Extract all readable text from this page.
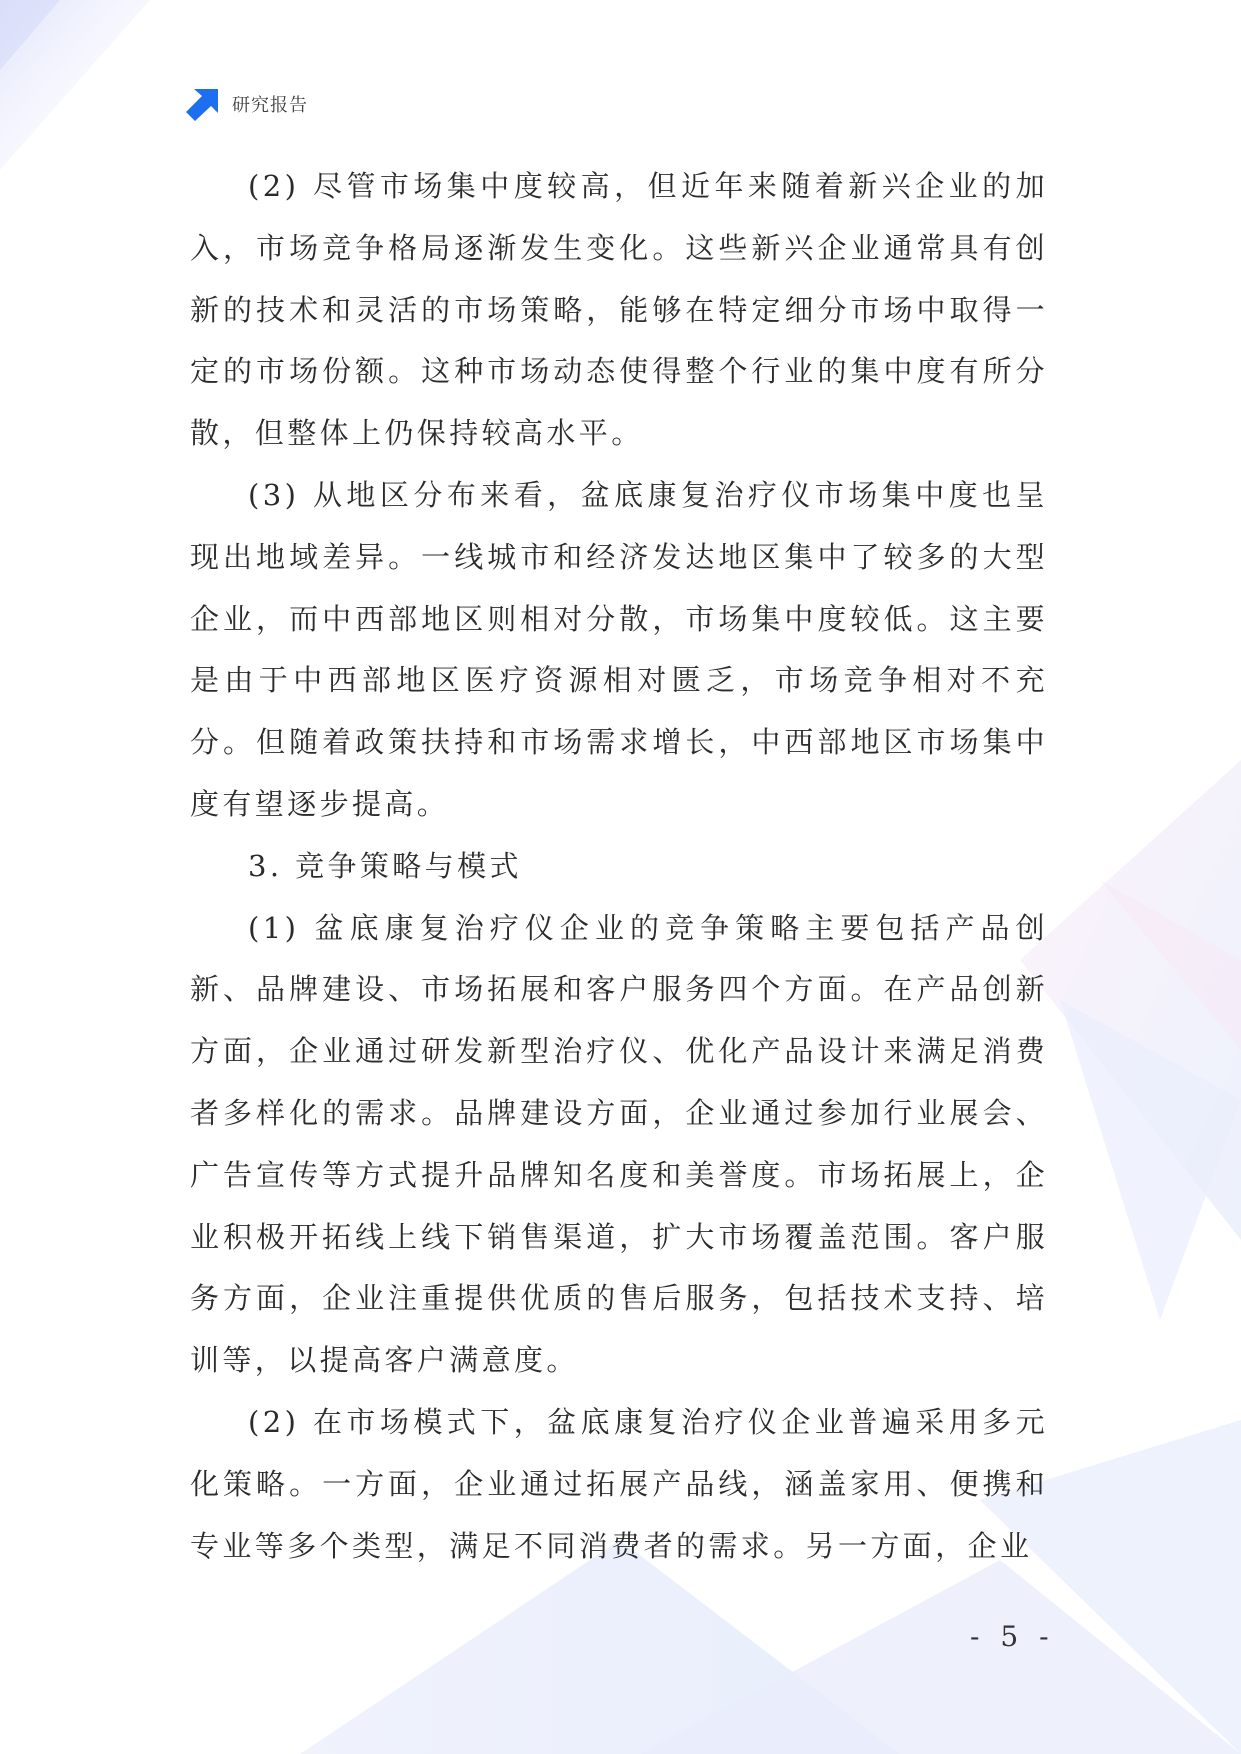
研究报告

(2) 尽管市场集中度较高，但近年来随着新兴企业的加入，市场竞争格局逐渐发生变化。这些新兴企业通常具有创新的技术和灵活的市场策略，能够在特定细分市场中取得一定的市场份额。这种市场动态使得整个行业的集中度有所分散，但整体上仍保持较高水平。

(3) 从地区分布来看，盆底康复治疗仪市场集中度也呈现出地域差异。一线城市和经济发达地区集中了较多的大型企业，而中西部地区则相对分散，市场集中度较低。这主要是由于中西部地区医疗资源相对匮乏，市场竞争相对不充分。但随着政策扶持和市场需求增长，中西部地区市场集中度有望逐步提高。

3. 竞争策略与模式

(1) 盆底康复治疗仪企业的竞争策略主要包括产品创新、品牌建设、市场拓展和客户服务四个方面。在产品创新方面，企业通过研发新型治疗仪、优化产品设计来满足消费者多样化的需求。品牌建设方面，企业通过参加行业展会、广告宣传等方式提升品牌知名度和美誉度。市场拓展上，企业积极开拓线上线下销售渠道，扩大市场覆盖范围。客户服务方面，企业注重提供优质的售后服务，包括技术支持、培训等，以提高客户满意度。

(2) 在市场模式下，盆底康复治疗仪企业普遍采用多元化策略。一方面，企业通过拓展产品线，涵盖家用、便携和专业等多个类型，满足不同消费者的需求。另一方面，企业

- 5 -
